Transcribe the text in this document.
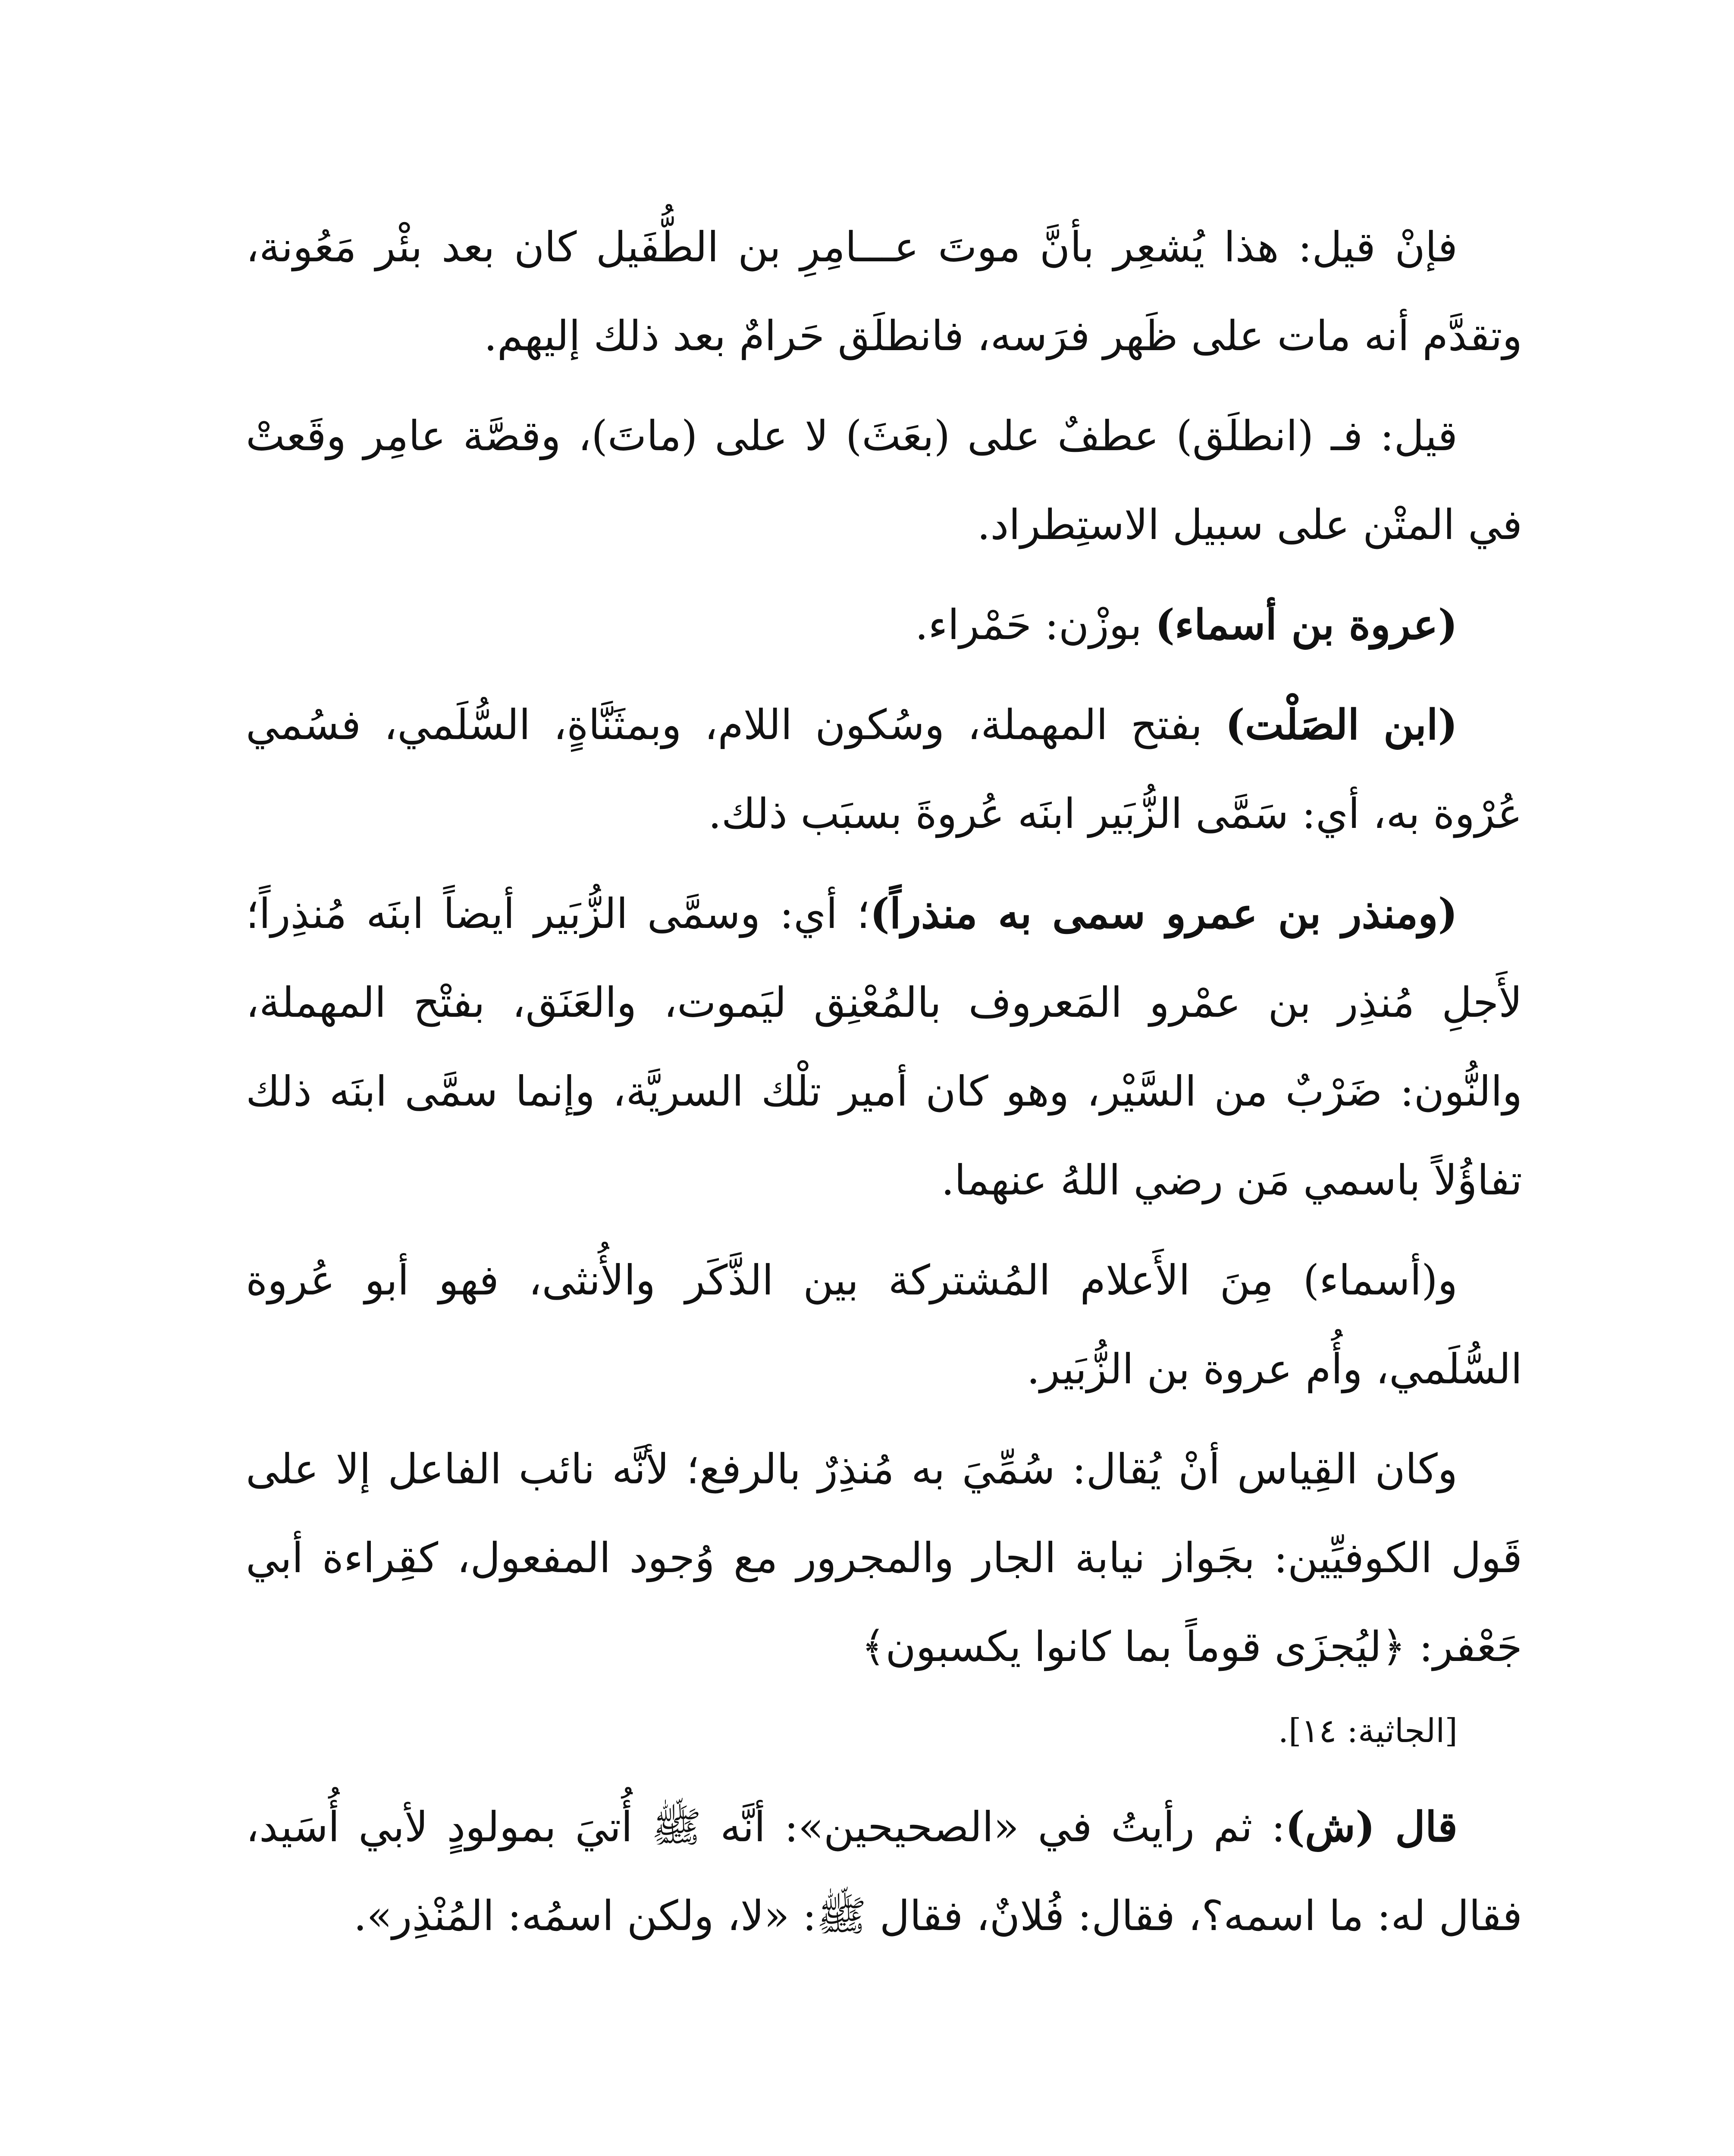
فإنْ قيل: هذا يُشعِر بأنَّ موتَ عـــامِرِ بن الطُّفَيل كان بعد بئْر مَعُونة، وتقدَّم أنه مات على ظَهر فرَسه، فانطلَق حَرامٌ بعد ذلك إليهم.

قيل: فـ (انطلَق) عطفٌ على (بعَثَ) لا على (ماتَ)، وقصَّة عامِر وقَعتْ في المتْن على سبيل الاستِطراد.

(عروة بن أسماء) بوزْن: حَمْراء.

(ابن الصَلْت) بفتح المهملة، وسُكون اللام، وبمثَنَّاةٍ، السُّلَمي، فسُمي عُرْوة به، أي: سَمَّى الزُّبَير ابنَه عُروةَ بسبَب ذلك.

(ومنذر بن عمرو سمى به منذراً)؛ أي: وسمَّى الزُّبَير أيضاً ابنَه مُنذِراً؛ لأَجلِ مُنذِر بن عمْرو المَعروف بالمُعْنِق ليَموت، والعَنَق، بفتْح المهملة، والنُّون: ضَرْبٌ من السَّيْر، وهو كان أمير تلْك السريَّة، وإنما سمَّى ابنَه ذلك تفاؤُلاً باسمي مَن رضي اللهُ عنهما.

و(أسماء) مِنَ الأَعلام المُشتركة بين الذَّكَر والأُنثى، فهو أبو عُروة السُّلَمي، وأُم عروة بن الزُّبَير.

وكان القِياس أنْ يُقال: سُمِّيَ به مُنذِرٌ بالرفع؛ لأنَّه نائب الفاعل إلا على قَول الكوفيِّين: بجَواز نيابة الجار والمجرور مع وُجود المفعول، كقِراءة أبي جَعْفر: ﴿ليُجزَى قوماً بما كانوا يكسبون﴾

[الجاثية: ١٤].

قال (ش): ثم رأيتُ في «الصحيحين»: أنَّه ﷺ أُتيَ بمولودٍ لأبي أُسَيد، فقال له: ما اسمه؟، فقال: فُلانٌ، فقال ﷺ: «لا، ولكن اسمُه: المُنْذِر».
